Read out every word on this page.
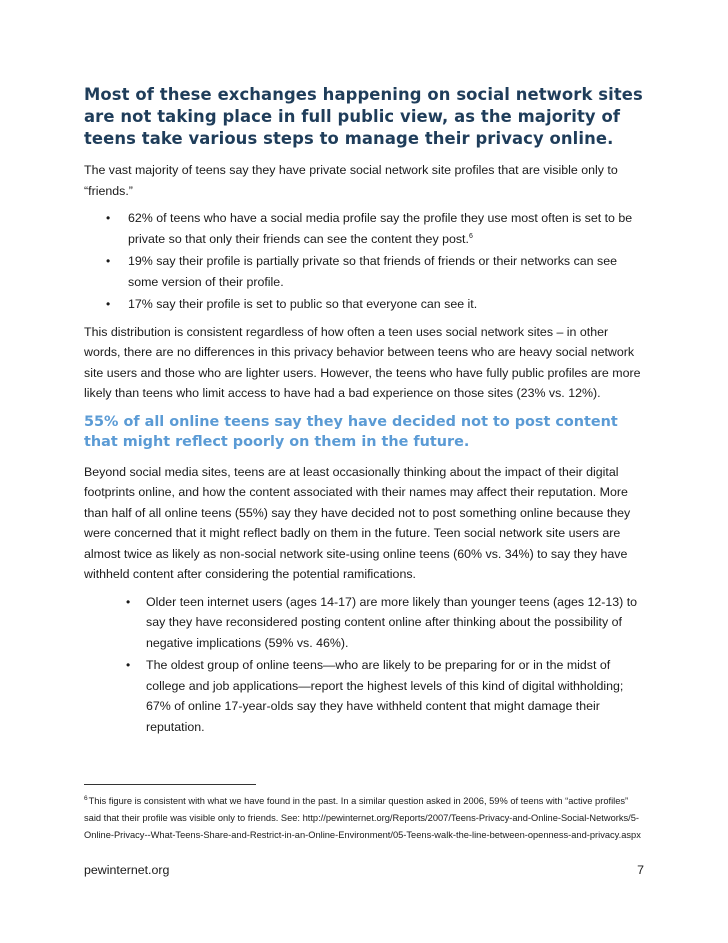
Most of these exchanges happening on social network sites are not taking place in full public view, as the majority of teens take various steps to manage their privacy online.

The vast majority of teens say they have private social network site profiles that are visible only to “friends.”

• 62% of teens who have a social media profile say the profile they use most often is set to be private so that only their friends can see the content they post.$^6$
• 19% say their profile is partially private so that friends of friends or their networks can see some version of their profile.
• 17% say their profile is set to public so that everyone can see it.

This distribution is consistent regardless of how often a teen uses social network sites – in other words, there are no differences in this privacy behavior between teens who are heavy social network site users and those who are lighter users. However, the teens who have fully public profiles are more likely than teens who limit access to have had a bad experience on those sites (23% vs. 12%).

55% of all online teens say they have decided not to post content that might reflect poorly on them in the future.

Beyond social media sites, teens are at least occasionally thinking about the impact of their digital footprints online, and how the content associated with their names may affect their reputation. More than half of all online teens (55%) say they have decided not to post something online because they were concerned that it might reflect badly on them in the future. Teen social network site users are almost twice as likely as non-social network site-using online teens (60% vs. 34%) to say they have withheld content after considering the potential ramifications.

• Older teen internet users (ages 14-17) are more likely than younger teens (ages 12-13) to say they have reconsidered posting content online after thinking about the possibility of negative implications (59% vs. 46%).
• The oldest group of online teens—who are likely to be preparing for or in the midst of college and job applications—report the highest levels of this kind of digital withholding; 67% of online 17-year-olds say they have withheld content that might damage their reputation.
$^6$This figure is consistent with what we have found in the past. In a similar question asked in 2006, 59% of teens with “active profiles” said that their profile was visible only to friends. See: http://pewinternet.org/Reports/2007/Teens-Privacy-and-Online-Social-Networks/5-Online-Privacy--What-Teens-Share-and-Restrict-in-an-Online-Environment/05-Teens-walk-the-line-between-openness-and-privacy.aspx
pewinternet.org	7
